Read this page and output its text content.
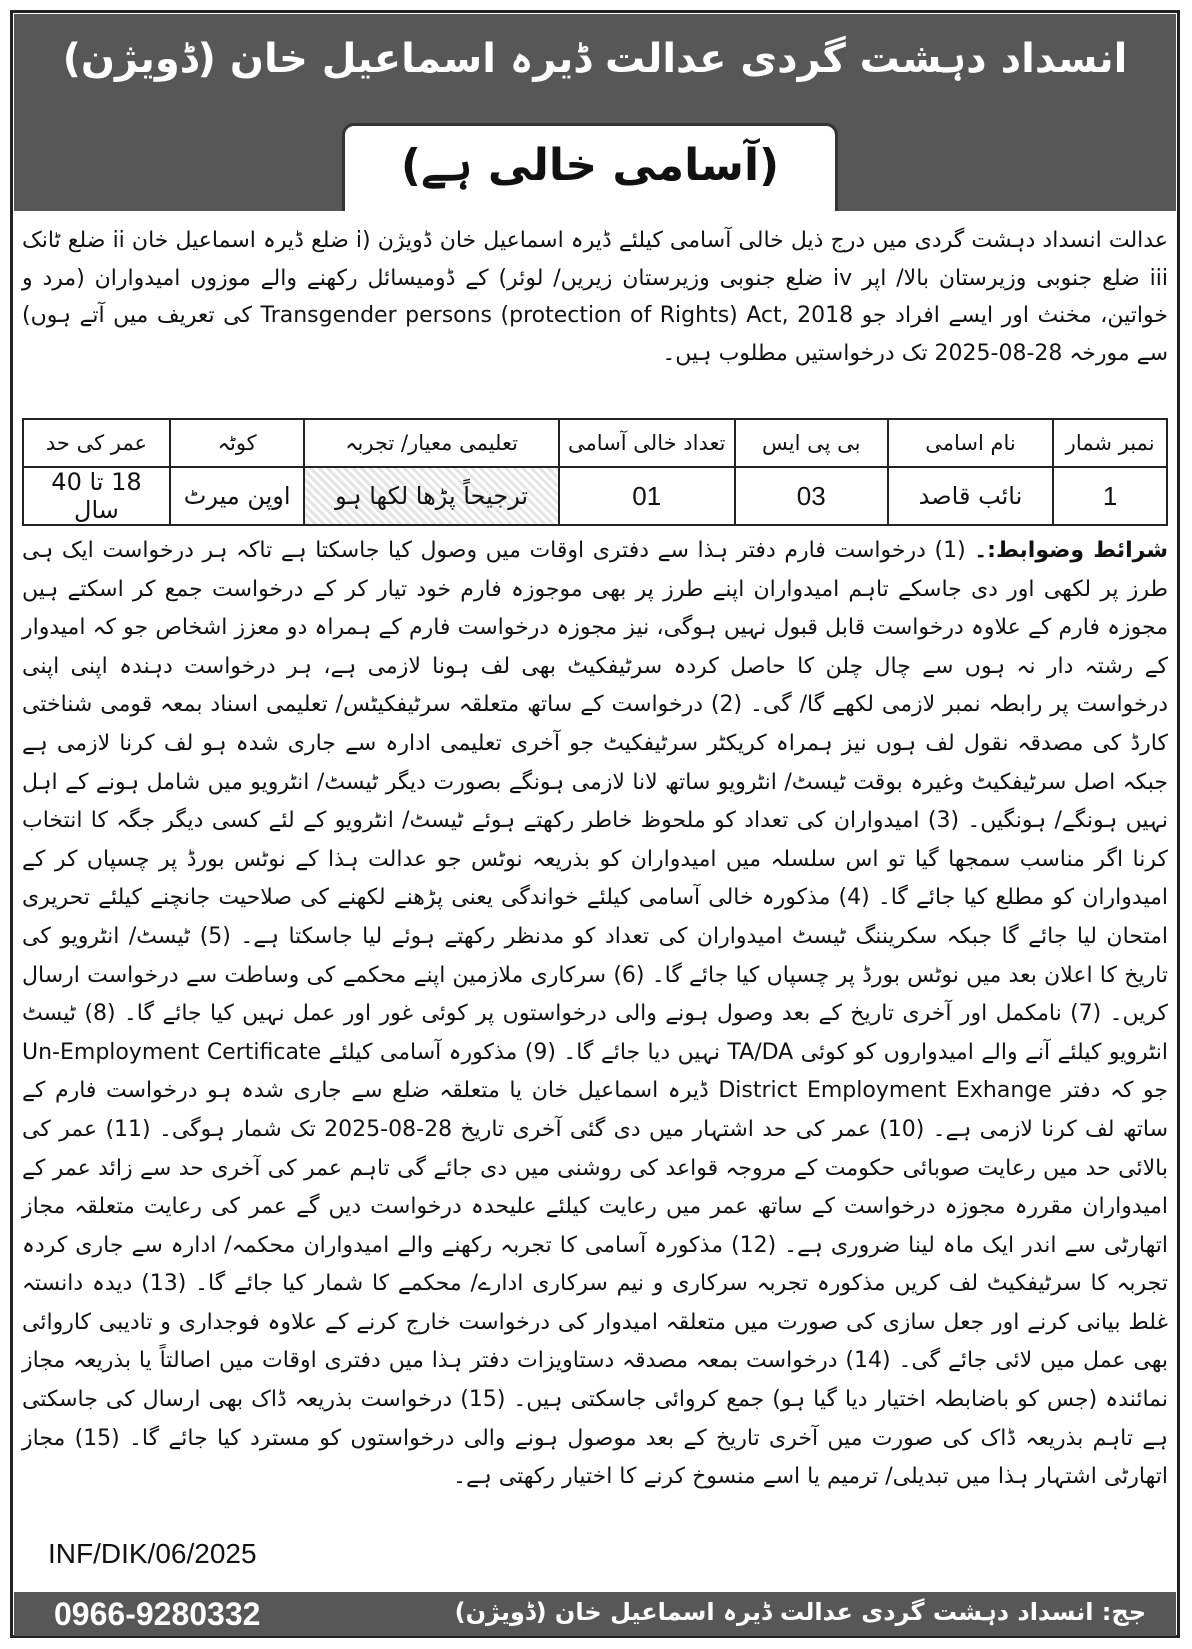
انسداد دہشت گردی عدالت ڈیرہ اسماعیل خان (ڈویژن)
(آسامی خالی ہے)
عدالت انسداد دہشت گردی میں درج ذیل خالی آسامی کیلئے ڈیرہ اسماعیل خان ڈویژن (i ضلع ڈیرہ اسماعیل خان ii ضلع ٹانک iii ضلع جنوبی وزیرستان بالا/ اپر iv ضلع جنوبی وزیرستان زیریں/ لوئر) کے ڈومیسائل رکھنے والے موزوں امیدواران (مرد و خواتین، مخنث اور ایسے افراد جو Transgender persons (protection of Rights) Act, 2018 کی تعریف میں آتے ہوں) سے مورخہ 28-08-2025 تک درخواستیں مطلوب ہیں۔
نمبر شمار	نام اسامی	بی پی ایس	تعداد خالی آسامی	تعلیمی معیار/ تجربہ	کوٹہ	عمر کی حد
1	نائب قاصد	03	01	ترجیحاً پڑھا لکھا ہو	اوپن میرٹ	18 تا 40 سال
شرائط وضوابط:۔ (1) درخواست فارم دفتر ہذا سے دفتری اوقات میں وصول کیا جاسکتا ہے تاکہ ہر درخواست ایک ہی طرز پر لکھی اور دی جاسکے تاہم امیدواران اپنے طرز پر بھی موجوزہ فارم خود تیار کر کے درخواست جمع کر اسکتے ہیں مجوزہ فارم کے علاوہ درخواست قابل قبول نہیں ہوگی، نیز مجوزہ درخواست فارم کے ہمراہ دو معزز اشخاص جو کہ امیدوار کے رشتہ دار نہ ہوں سے چال چلن کا حاصل کردہ سرٹیفکیٹ بھی لف ہونا لازمی ہے، ہر درخواست دہندہ اپنی اپنی درخواست پر رابطہ نمبر لازمی لکھے گا/ گی۔ (2) درخواست کے ساتھ متعلقہ سرٹیفکیٹس/ تعلیمی اسناد بمعہ قومی شناختی کارڈ کی مصدقہ نقول لف ہوں نیز ہمراہ کریکٹر سرٹیفکیٹ جو آخری تعلیمی ادارہ سے جاری شدہ ہو لف کرنا لازمی ہے جبکہ اصل سرٹیفکیٹ وغیرہ بوقت ٹیسٹ/ انٹرویو ساتھ لانا لازمی ہونگے بصورت دیگر ٹیسٹ/ انٹرویو میں شامل ہونے کے اہل نہیں ہونگے/ ہونگیں۔ (3) امیدواران کی تعداد کو ملحوظ خاطر رکھتے ہوئے ٹیسٹ/ انٹرویو کے لئے کسی دیگر جگہ کا انتخاب کرنا اگر مناسب سمجھا گیا تو اس سلسلہ میں امیدواران کو بذریعہ نوٹس جو عدالت ہذا کے نوٹس بورڈ پر چسپاں کر کے امیدواران کو مطلع کیا جائے گا۔ (4) مذکورہ خالی آسامی کیلئے خواندگی یعنی پڑھنے لکھنے کی صلاحیت جانچنے کیلئے تحریری امتحان لیا جائے گا جبکہ سکریننگ ٹیسٹ امیدواران کی تعداد کو مدنظر رکھتے ہوئے لیا جاسکتا ہے۔ (5) ٹیسٹ/ انٹرویو کی تاریخ کا اعلان بعد میں نوٹس بورڈ پر چسپاں کیا جائے گا۔ (6) سرکاری ملازمین اپنے محکمے کی وساطت سے درخواست ارسال کریں۔ (7) نامکمل اور آخری تاریخ کے بعد وصول ہونے والی درخواستوں پر کوئی غور اور عمل نہیں کیا جائے گا۔ (8) ٹیسٹ انٹرویو کیلئے آنے والے امیدواروں کو کوئی TA/DA نہیں دیا جائے گا۔ (9) مذکورہ آسامی کیلئے Un-Employment Certificate جو کہ دفتر District Employment Exhange ڈیرہ اسماعیل خان یا متعلقہ ضلع سے جاری شدہ ہو درخواست فارم کے ساتھ لف کرنا لازمی ہے۔ (10) عمر کی حد اشتہار میں دی گئی آخری تاریخ 28-08-2025 تک شمار ہوگی۔ (11) عمر کی بالائی حد میں رعایت صوبائی حکومت کے مروجہ قواعد کی روشنی میں دی جائے گی تاہم عمر کی آخری حد سے زائد عمر کے امیدواران مقررہ مجوزہ درخواست کے ساتھ عمر میں رعایت کیلئے علیحدہ درخواست دیں گے عمر کی رعایت متعلقہ مجاز اتھارٹی سے اندر ایک ماہ لینا ضروری ہے۔ (12) مذکورہ آسامی کا تجربہ رکھنے والے امیدواران محکمہ/ ادارہ سے جاری کردہ تجربہ کا سرٹیفکیٹ لف کریں مذکورہ تجربہ سرکاری و نیم سرکاری ادارے/ محکمے کا شمار کیا جائے گا۔ (13) دیدہ دانستہ غلط بیانی کرنے اور جعل سازی کی صورت میں متعلقہ امیدوار کی درخواست خارج کرنے کے علاوہ فوجداری و تادیبی کاروائی بھی عمل میں لائی جائے گی۔ (14) درخواست بمعہ مصدقہ دستاویزات دفتر ہذا میں دفتری اوقات میں اصالتاً یا بذریعہ مجاز نمائندہ (جس کو باضابطہ اختیار دیا گیا ہو) جمع کروائی جاسکتی ہیں۔ (15) درخواست بذریعہ ڈاک بھی ارسال کی جاسکتی ہے تاہم بذریعہ ڈاک کی صورت میں آخری تاریخ کے بعد موصول ہونے والی درخواستوں کو مسترد کیا جائے گا۔ (15) مجاز اتھارٹی اشتہار ہذا میں تبدیلی/ ترمیم یا اسے منسوخ کرنے کا اختیار رکھتی ہے۔
INF/DIK/06/2025
0966-9280332	جج: انسداد دہشت گردی عدالت ڈیرہ اسماعیل خان (ڈویژن)
